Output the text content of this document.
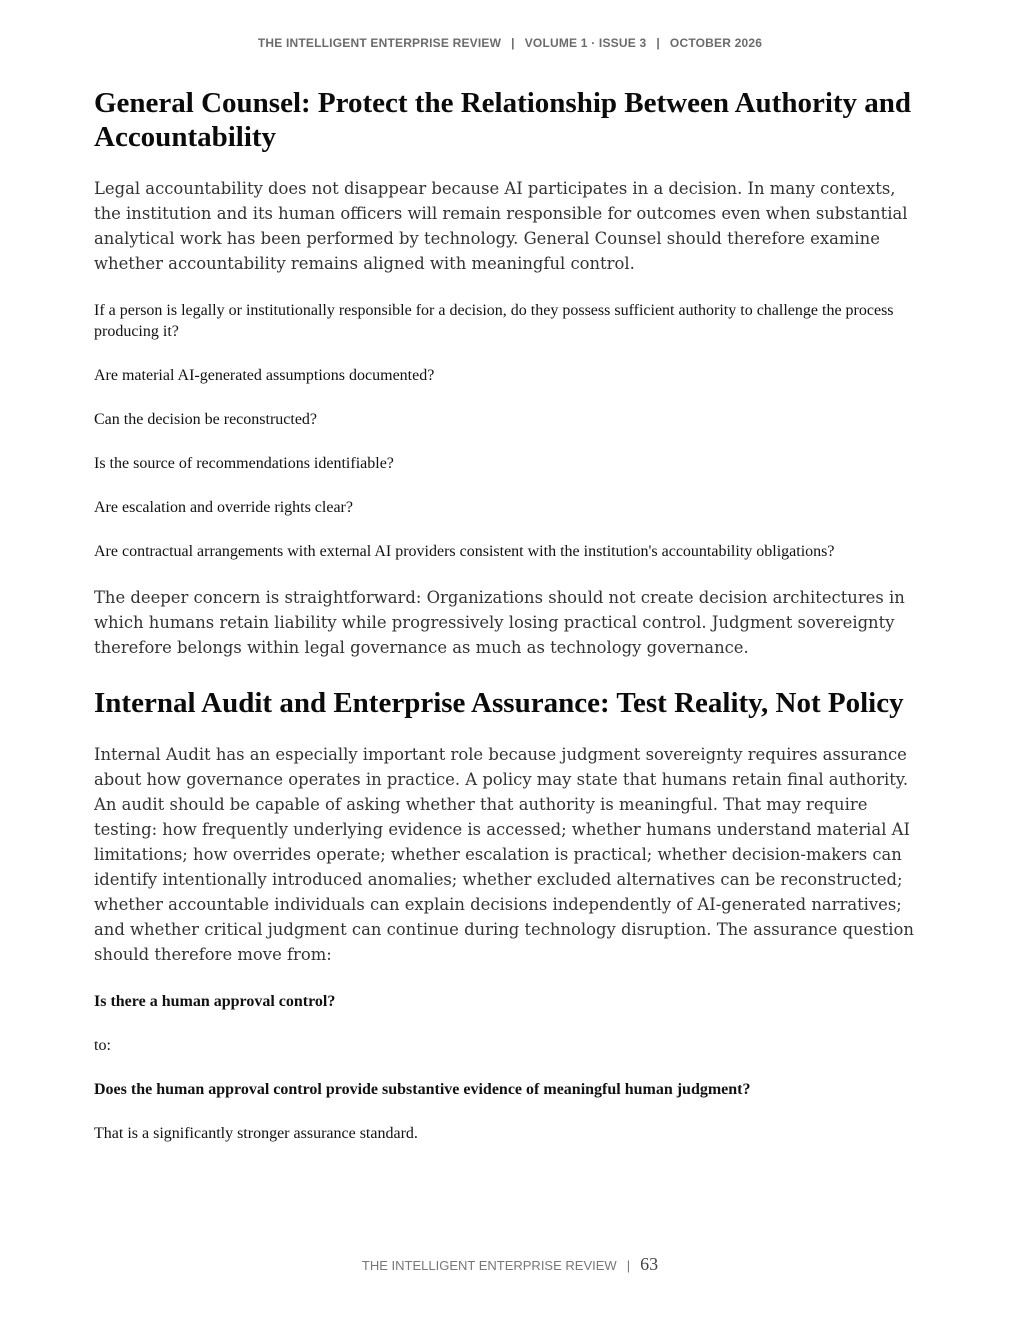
THE INTELLIGENT ENTERPRISE REVIEW | VOLUME 1 · ISSUE 3 | OCTOBER 2026
General Counsel: Protect the Relationship Between Authority and Accountability

Legal accountability does not disappear because AI participates in a decision. In many contexts, the institution and its human officers will remain responsible for outcomes even when substantial analytical work has been performed by technology. General Counsel should therefore examine whether accountability remains aligned with meaningful control.

If a person is legally or institutionally responsible for a decision, do they possess sufficient authority to challenge the process producing it?

Are material AI-generated assumptions documented?

Can the decision be reconstructed?

Is the source of recommendations identifiable?

Are escalation and override rights clear?

Are contractual arrangements with external AI providers consistent with the institution's accountability obligations?

The deeper concern is straightforward: Organizations should not create decision architectures in which humans retain liability while progressively losing practical control. Judgment sovereignty therefore belongs within legal governance as much as technology governance.

Internal Audit and Enterprise Assurance: Test Reality, Not Policy

Internal Audit has an especially important role because judgment sovereignty requires assurance about how governance operates in practice. A policy may state that humans retain final authority. An audit should be capable of asking whether that authority is meaningful. That may require testing: how frequently underlying evidence is accessed; whether humans understand material AI limitations; how overrides operate; whether escalation is practical; whether decision-makers can identify intentionally introduced anomalies; whether excluded alternatives can be reconstructed; whether accountable individuals can explain decisions independently of AI-generated narratives; and whether critical judgment can continue during technology disruption. The assurance question should therefore move from:

Is there a human approval control?

to:

Does the human approval control provide substantive evidence of meaningful human judgment?

That is a significantly stronger assurance standard.

THE INTELLIGENT ENTERPRISE REVIEW | 63
